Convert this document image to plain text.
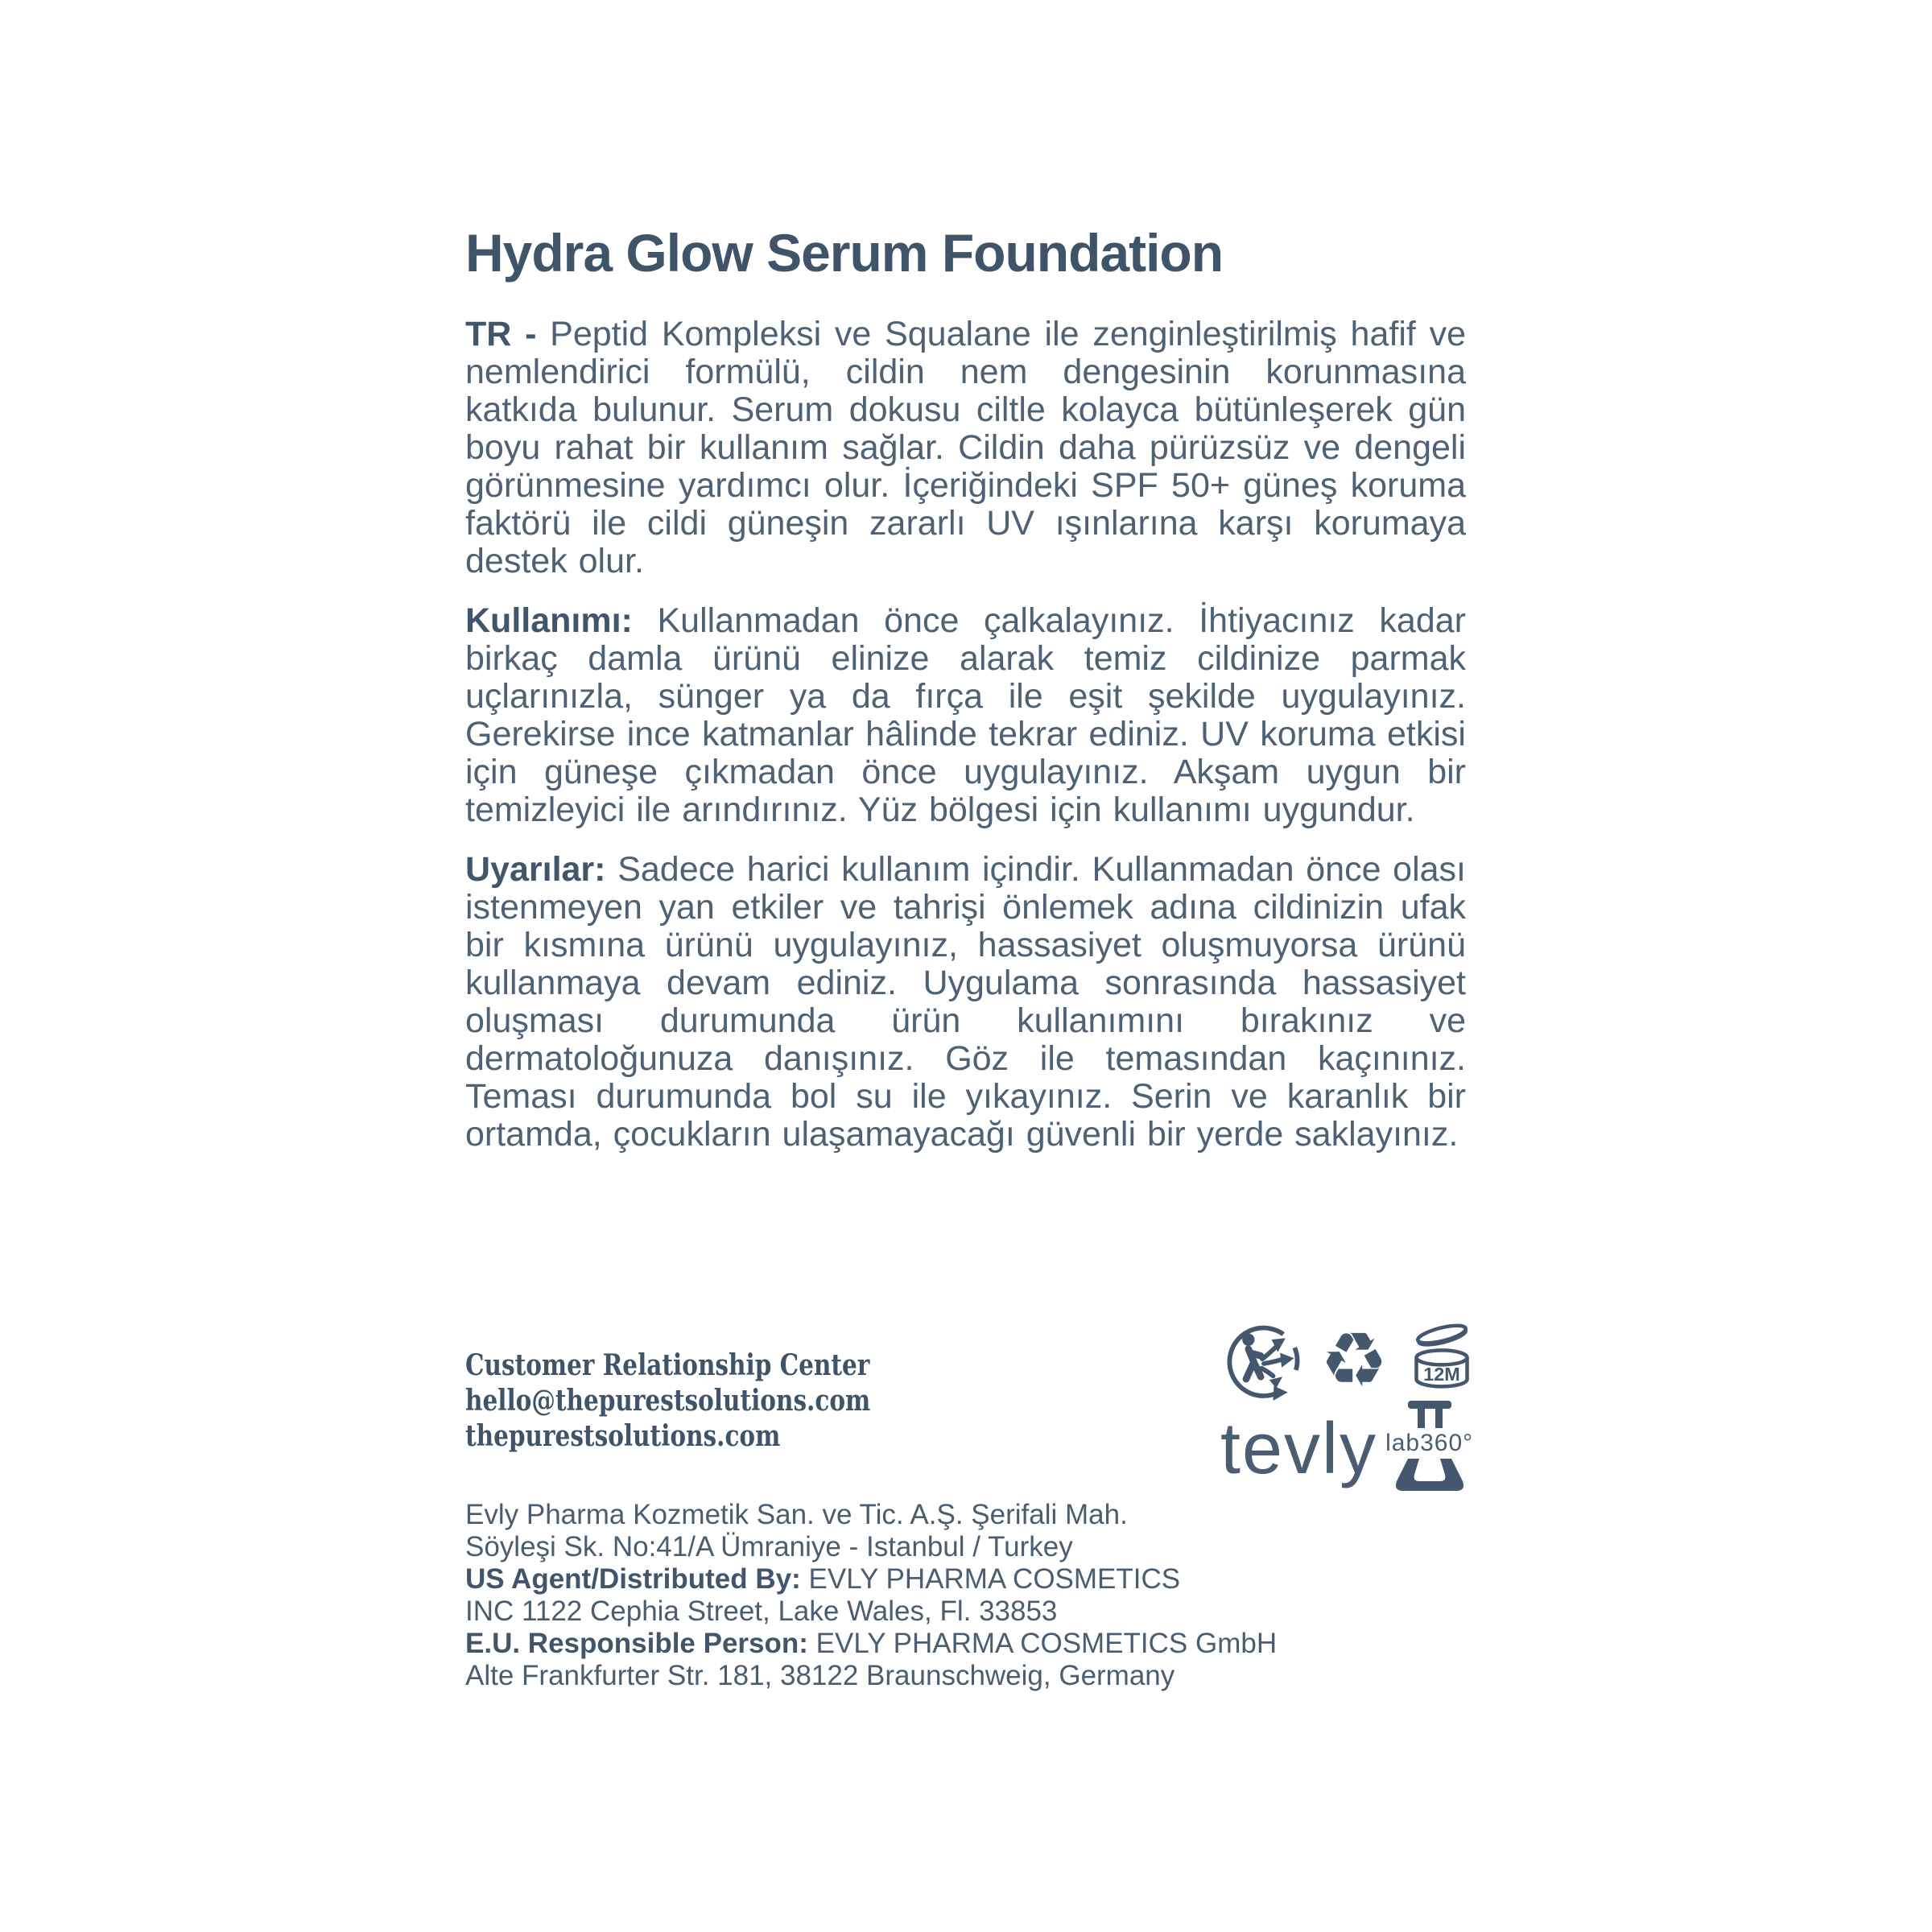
Hydra Glow Serum Foundation

TR - Peptid Kompleksi ve Squalane ile zenginleştirilmiş hafif ve nemlendirici formülü, cildin nem dengesinin korunmasına katkıda bulunur. Serum dokusu ciltle kolayca bütünleşerek gün boyu rahat bir kullanım sağlar. Cildin daha pürüzsüz ve dengeli görünmesine yardımcı olur. İçeriğindeki SPF 50+ güneş koruma faktörü ile cildi güneşin zararlı UV ışınlarına karşı korumaya destek olur.

Kullanımı: Kullanmadan önce çalkalayınız. İhtiyacınız kadar birkaç damla ürünü elinize alarak temiz cildinize parmak uçlarınızla, sünger ya da fırça ile eşit şekilde uygulayınız. Gerekirse ince katmanlar hâlinde tekrar ediniz. UV koruma etkisi için güneşe çıkmadan önce uygulayınız. Akşam uygun bir temizleyici ile arındırınız. Yüz bölgesi için kullanımı uygundur.

Uyarılar: Sadece harici kullanım içindir. Kullanmadan önce olası istenmeyen yan etkiler ve tahrişi önlemek adına cildinizin ufak bir kısmına ürünü uygulayınız, hassasiyet oluşmuyorsa ürünü kullanmaya devam ediniz. Uygulama sonrasında hassasiyet oluşması durumunda ürün kullanımını bırakınız ve dermatoloğunuza danışınız. Göz ile temasından kaçınınız. Teması durumunda bol su ile yıkayınız. Serin ve karanlık bir ortamda, çocukların ulaşamayacağı güvenli bir yerde saklayınız.

Customer Relationship Center
hello@thepurestsolutions.com
thepurestsolutions.com
♻ 12M
tevly lab360°
Evly Pharma Kozmetik San. ve Tic. A.Ş. Şerifali Mah.
Söyleşi Sk. No:41/A Ümraniye - Istanbul / Turkey
US Agent/Distributed By: EVLY PHARMA COSMETICS
INC 1122 Cephia Street, Lake Wales, Fl. 33853
E.U. Responsible Person: EVLY PHARMA COSMETICS GmbH
Alte Frankfurter Str. 181, 38122 Braunschweig, Germany
